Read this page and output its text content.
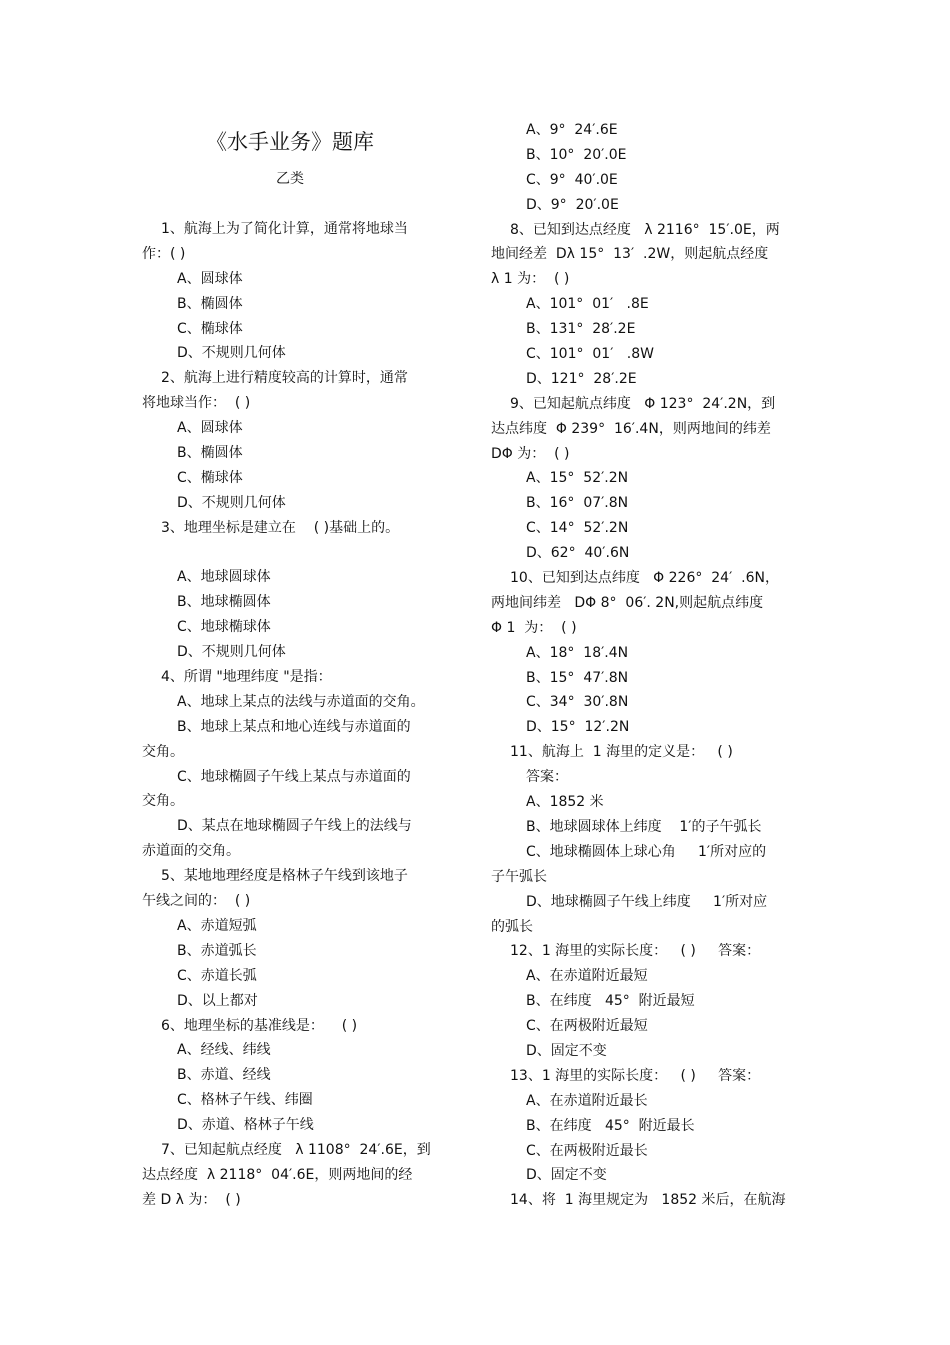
《水手业务》题库
乙类
1、航海上为了简化计算，通常将地球当
作：( )
A、圆球体
B、椭圆体
C、椭球体
D、不规则几何体
2、航海上进行精度较高的计算时，通常
将地球当作：  ( )
A、圆球体
B、椭圆体
C、椭球体
D、不规则几何体
3、地理坐标是建立在    ( )基础上的。
A、地球圆球体
B、地球椭圆体
C、地球椭球体
D、不规则几何体
4、所谓 "地理纬度 "是指：
A、地球上某点的法线与赤道面的交角。
B、地球上某点和地心连线与赤道面的
交角。
C、地球椭圆子午线上某点与赤道面的
交角。
D、某点在地球椭圆子午线上的法线与
赤道面的交角。
5、某地地理经度是格林子午线到该地子
午线之间的：  ( )
A、赤道短弧
B、赤道弧长
C、赤道长弧
D、以上都对
6、地理坐标的基准线是：    ( )
A、经线、纬线
B、赤道、经线
C、格林子午线、纬圈
D、赤道、格林子午线
7、已知起航点经度   λ 1108°  24′.6E，到
达点经度  λ 2118°  04′.6E，则两地间的经
差 D λ 为：  ( )
A、9°  24′.6E
B、10°  20′.0E
C、9°  40′.0E
D、9°  20′.0E
8、已知到达点经度   λ 2116°  15′.0E，两
地间经差  Dλ 15°  13′  .2W，则起航点经度
λ 1 为：  ( )
A、101°  01′   .8E
B、131°  28′.2E
C、101°  01′   .8W
D、121°  28′.2E
9、已知起航点纬度   Φ 123°  24′.2N，到
达点纬度  Φ 239°  16′.4N，则两地间的纬差
DΦ 为：  ( )
A、15°  52′.2N
B、16°  07′.8N
C、14°  52′.2N
D、62°  40′.6N
10、已知到达点纬度   Φ 226°  24′  .6N，
两地间纬差   DΦ 8°  06′. 2N,则起航点纬度
Φ 1  为：  ( )
A、18°  18′.4N
B、15°  47′.8N
C、34°  30′.8N
D、15°  12′.2N
11、航海上  1 海里的定义是：   ( )
答案：
A、1852 米
B、地球圆球体上纬度    1′的子午弧长
C、地球椭圆体上球心角     1′所对应的
子午弧长
D、地球椭圆子午线上纬度     1′所对应
的弧长
12、1 海里的实际长度：   ( )     答案：
A、在赤道附近最短
B、在纬度   45°  附近最短
C、在两极附近最短
D、固定不变
13、1 海里的实际长度：   ( )     答案：
A、在赤道附近最长
B、在纬度   45°  附近最长
C、在两极附近最长
D、固定不变
14、将  1 海里规定为   1852 米后，在航海
